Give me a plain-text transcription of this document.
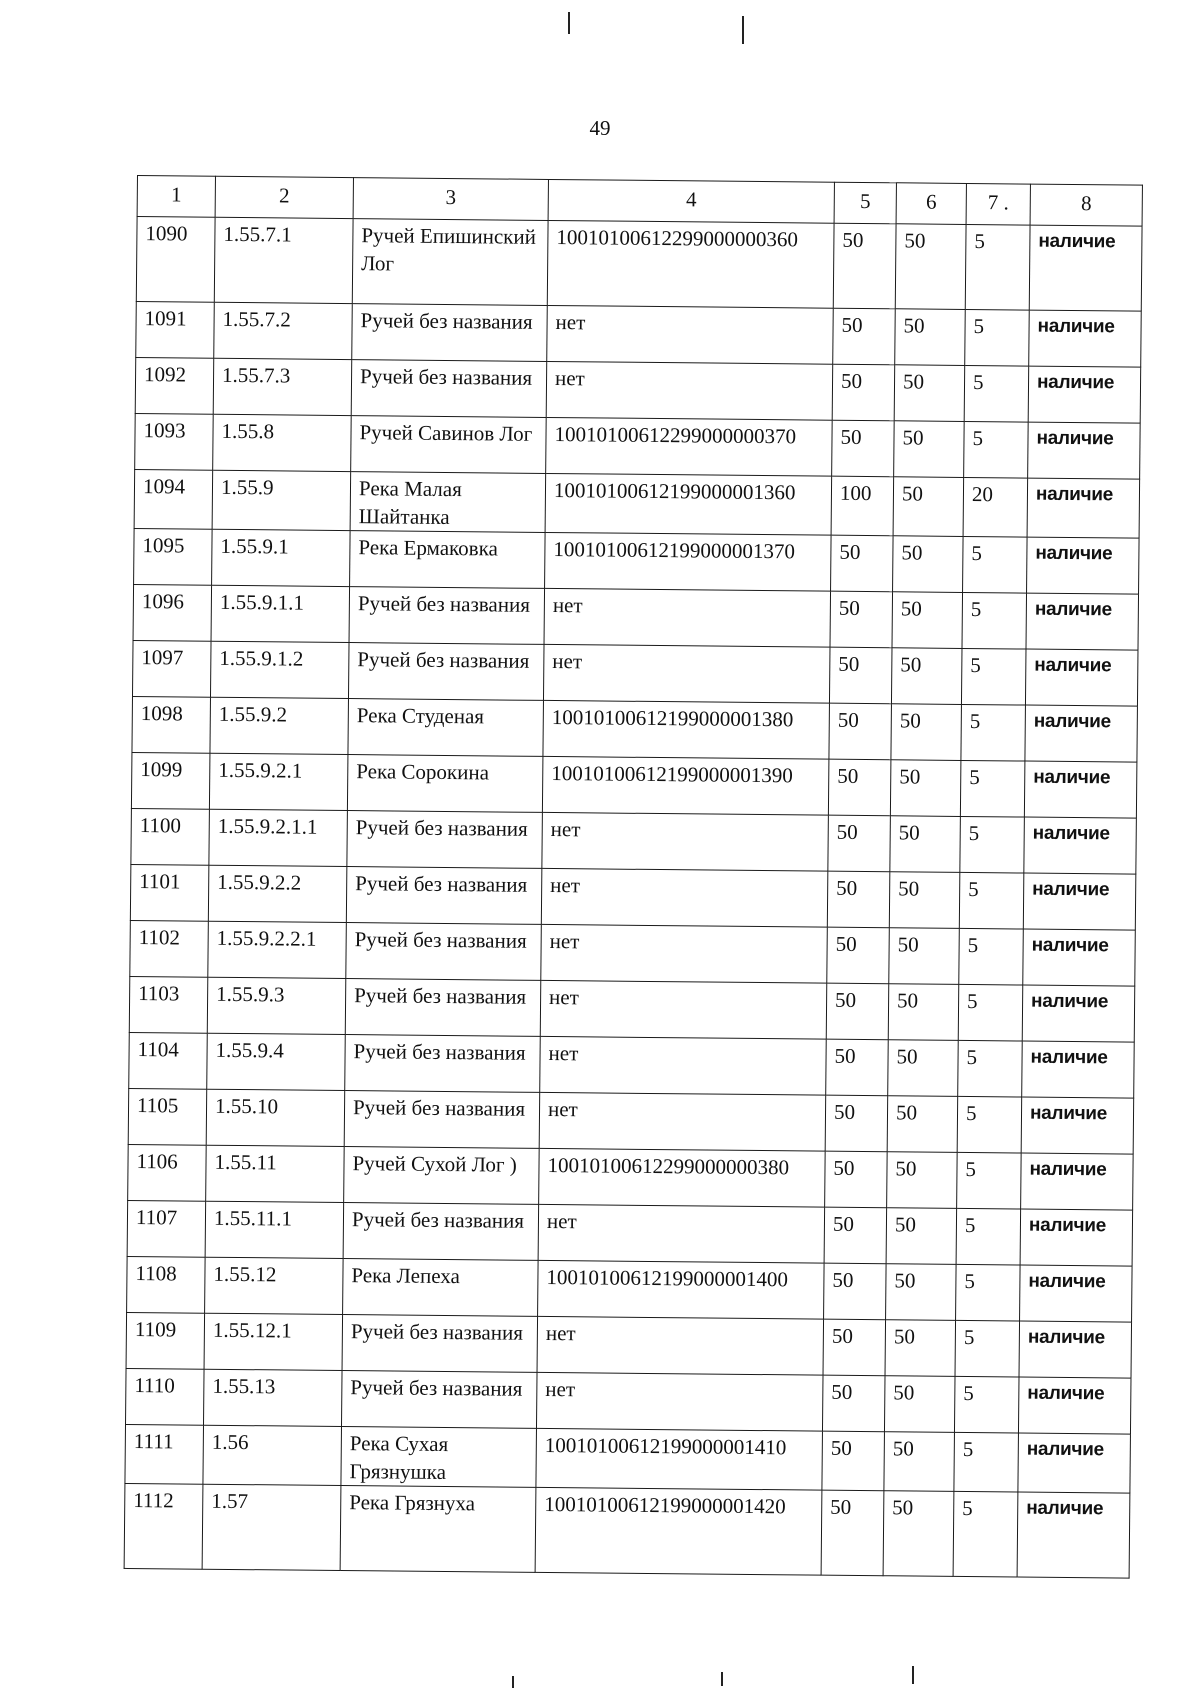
49
1	2	3	4	5	6	7 .	8
1090	1.55.7.1	Ручей Епишинский Лог	10010100612299000000360	50	50	5	наличие
1091	1.55.7.2	Ручей без названия	нет	50	50	5	наличие
1092	1.55.7.3	Ручей без названия	нет	50	50	5	наличие
1093	1.55.8	Ручей Савинов Лог	10010100612299000000370	50	50	5	наличие
1094	1.55.9	Река Малая Шайтанка	10010100612199000001360	100	50	20	наличие
1095	1.55.9.1	Река Ермаковка	10010100612199000001370	50	50	5	наличие
1096	1.55.9.1.1	Ручей без названия	нет	50	50	5	наличие
1097	1.55.9.1.2	Ручей без названия	нет	50	50	5	наличие
1098	1.55.9.2	Река Студеная	10010100612199000001380	50	50	5	наличие
1099	1.55.9.2.1	Река Сорокина	10010100612199000001390	50	50	5	наличие
1100	1.55.9.2.1.1	Ручей без названия	нет	50	50	5	наличие
1101	1.55.9.2.2	Ручей без названия	нет	50	50	5	наличие
1102	1.55.9.2.2.1	Ручей без названия	нет	50	50	5	наличие
1103	1.55.9.3	Ручей без названия	нет	50	50	5	наличие
1104	1.55.9.4	Ручей без названия	нет	50	50	5	наличие
1105	1.55.10	Ручей без названия	нет	50	50	5	наличие
1106	1.55.11	Ручей Сухой Лог )	10010100612299000000380	50	50	5	наличие
1107	1.55.11.1	Ручей без названия	нет	50	50	5	наличие
1108	1.55.12	Река Лепеха	10010100612199000001400	50	50	5	наличие
1109	1.55.12.1	Ручей без названия	нет	50	50	5	наличие
1110	1.55.13	Ручей без названия	нет	50	50	5	наличие
1111	1.56	Река Сухая Грязнушка	10010100612199000001410	50	50	5	наличие
1112	1.57	Река Грязнуха	10010100612199000001420	50	50	5	наличие
